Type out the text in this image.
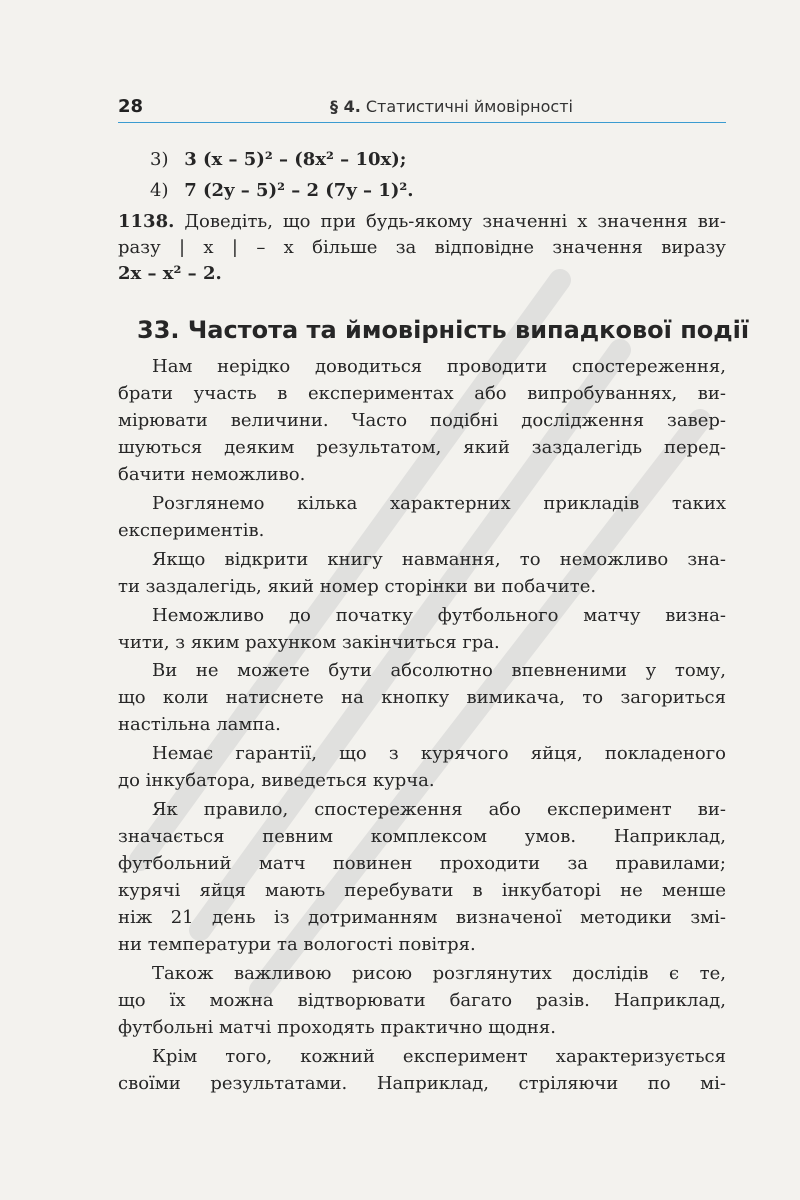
28	§ 4. Статистичні ймовірності
3) 3 (x – 5)² – (8x² – 10x);
4) 7 (2y – 5)² – 2 (7y – 1)².
1138. Доведіть, що при будь-якому значенні x значення ви-
разу | x | – x більше за відповідне значення виразу
2x – x² – 2.
33. Частота та ймовірність випадкової події
Нам нерідко доводиться проводити спостереження,
брати участь в експериментах або випробуваннях, ви-
мірювати величини. Часто подібні дослідження завер-
шуються деяким результатом, який заздалегідь перед-
бачити неможливо.
Розглянемо кілька характерних прикладів таких
експериментів.
Якщо відкрити книгу навмання, то неможливо зна-
ти заздалегідь, який номер сторінки ви побачите.
Неможливо до початку футбольного матчу визна-
чити, з яким рахунком закінчиться гра.
Ви не можете бути абсолютно впевненими у тому,
що коли натиснете на кнопку вимикача, то загориться
настільна лампа.
Немає гарантії, що з курячого яйця, покладеного
до інкубатора, виведеться курча.
Як правило, спостереження або експеримент ви-
значається певним комплексом умов. Наприклад,
футбольний матч повинен проходити за правилами;
курячі яйця мають перебувати в інкубаторі не менше
ніж 21 день із дотриманням визначеної методики змі-
ни температури та вологості повітря.
Також важливою рисою розглянутих дослідів є те,
що їх можна відтворювати багато разів. Наприклад,
футбольні матчі проходять практично щодня.
Крім того, кожний експеримент характеризується
своїми результатами. Наприклад, стріляючи по мі-
